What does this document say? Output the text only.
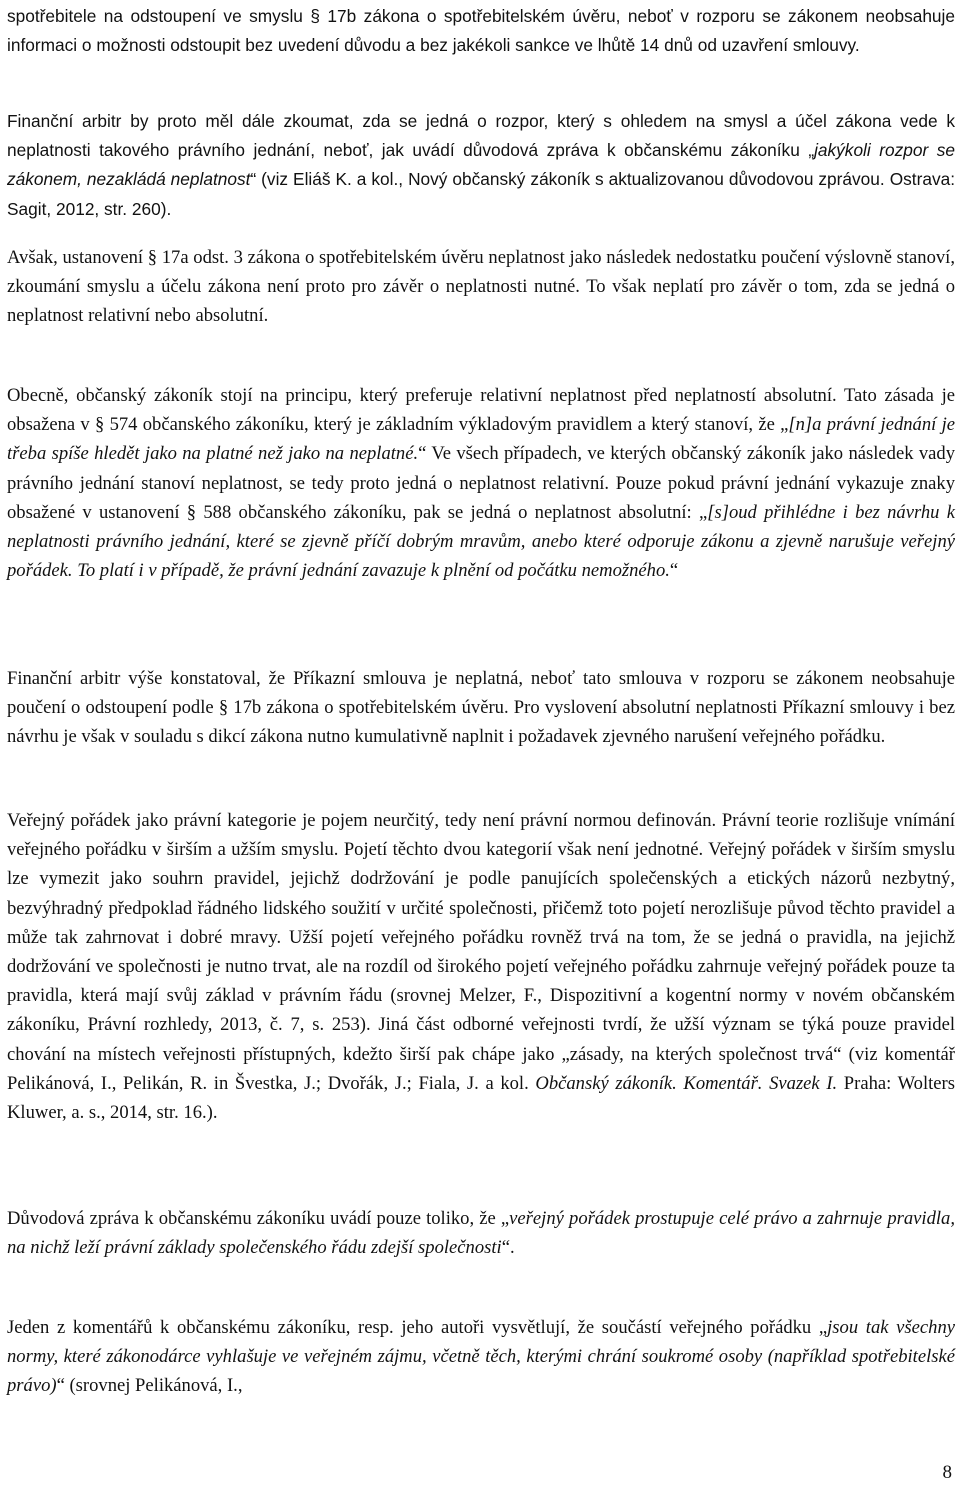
spotřebitele na odstoupení ve smyslu § 17b zákona o spotřebitelském úvěru, neboť v rozporu se zákonem neobsahuje informaci o možnosti odstoupit bez uvedení důvodu a bez jakékoli sankce ve lhůtě 14 dnů od uzavření smlouvy.

Finanční arbitr by proto měl dále zkoumat, zda se jedná o rozpor, který s ohledem na smysl a účel zákona vede k neplatnosti takového právního jednání, neboť, jak uvádí důvodová zpráva k občanskému zákoníku „jakýkoli rozpor se zákonem, nezakládá neplatnost“ (viz Eliáš K. a kol., Nový občanský zákoník s aktualizovanou důvodovou zprávou. Ostrava: Sagit, 2012, str. 260).

Avšak, ustanovení § 17a odst. 3 zákona o spotřebitelském úvěru neplatnost jako následek nedostatku poučení výslovně stanoví, zkoumání smyslu a účelu zákona není proto pro závěr o neplatnosti nutné. To však neplatí pro závěr o tom, zda se jedná o neplatnost relativní nebo absolutní.

Obecně, občanský zákoník stojí na principu, který preferuje relativní neplatnost před neplatností absolutní. Tato zásada je obsažena v § 574 občanského zákoníku, který je základním výkladovým pravidlem a který stanoví, že „[n]a právní jednání je třeba spíše hledět jako na platné než jako na neplatné.“ Ve všech případech, ve kterých občanský zákoník jako následek vady právního jednání stanoví neplatnost, se tedy proto jedná o neplatnost relativní. Pouze pokud právní jednání vykazuje znaky obsažené v ustanovení § 588 občanského zákoníku, pak se jedná o neplatnost absolutní: „[s]oud přihlédne i bez návrhu k neplatnosti právního jednání, které se zjevně příčí dobrým mravům, anebo které odporuje zákonu a zjevně narušuje veřejný pořádek. To platí i v případě, že právní jednání zavazuje k plnění od počátku nemožného.“

Finanční arbitr výše konstatoval, že Příkazní smlouva je neplatná, neboť tato smlouva v rozporu se zákonem neobsahuje poučení o odstoupení podle § 17b zákona o spotřebitelském úvěru. Pro vyslovení absolutní neplatnosti Příkazní smlouvy i bez návrhu je však v souladu s dikcí zákona nutno kumulativně naplnit i požadavek zjevného narušení veřejného pořádku.

Veřejný pořádek jako právní kategorie je pojem neurčitý, tedy není právní normou definován. Právní teorie rozlišuje vnímání veřejného pořádku v širším a užším smyslu. Pojetí těchto dvou kategorií však není jednotné. Veřejný pořádek v širším smyslu lze vymezit jako souhrn pravidel, jejichž dodržování je podle panujících společenských a etických názorů nezbytný, bezvýhradný předpoklad řádného lidského soužití v určité společnosti, přičemž toto pojetí nerozlišuje původ těchto pravidel a může tak zahrnovat i dobré mravy. Užší pojetí veřejného pořádku rovněž trvá na tom, že se jedná o pravidla, na jejichž dodržování ve společnosti je nutno trvat, ale na rozdíl od širokého pojetí veřejného pořádku zahrnuje veřejný pořádek pouze ta pravidla, která mají svůj základ v právním řádu (srovnej Melzer, F., Dispozitivní a kogentní normy v novém občanském zákoníku, Právní rozhledy, 2013, č. 7, s. 253). Jiná část odborné veřejnosti tvrdí, že užší význam se týká pouze pravidel chování na místech veřejnosti přístupných, kdežto širší pak chápe jako „zásady, na kterých společnost trvá“ (viz komentář Pelikánová, I., Pelikán, R. in Švestka, J.; Dvořák, J.; Fiala, J. a kol. Občanský zákoník. Komentář. Svazek I. Praha: Wolters Kluwer, a. s., 2014, str. 16.).

Důvodová zpráva k občanskému zákoníku uvádí pouze toliko, že „veřejný pořádek prostupuje celé právo a zahrnuje pravidla, na nichž leží právní základy společenského řádu zdejší společnosti“.

Jeden z komentářů k občanskému zákoníku, resp. jeho autoři vysvětlují, že součástí veřejného pořádku „jsou tak všechny normy, které zákonodárce vyhlašuje ve veřejném zájmu, včetně těch, kterými chrání soukromé osoby (například spotřebitelské právo)“ (srovnej Pelikánová, I.,

8
